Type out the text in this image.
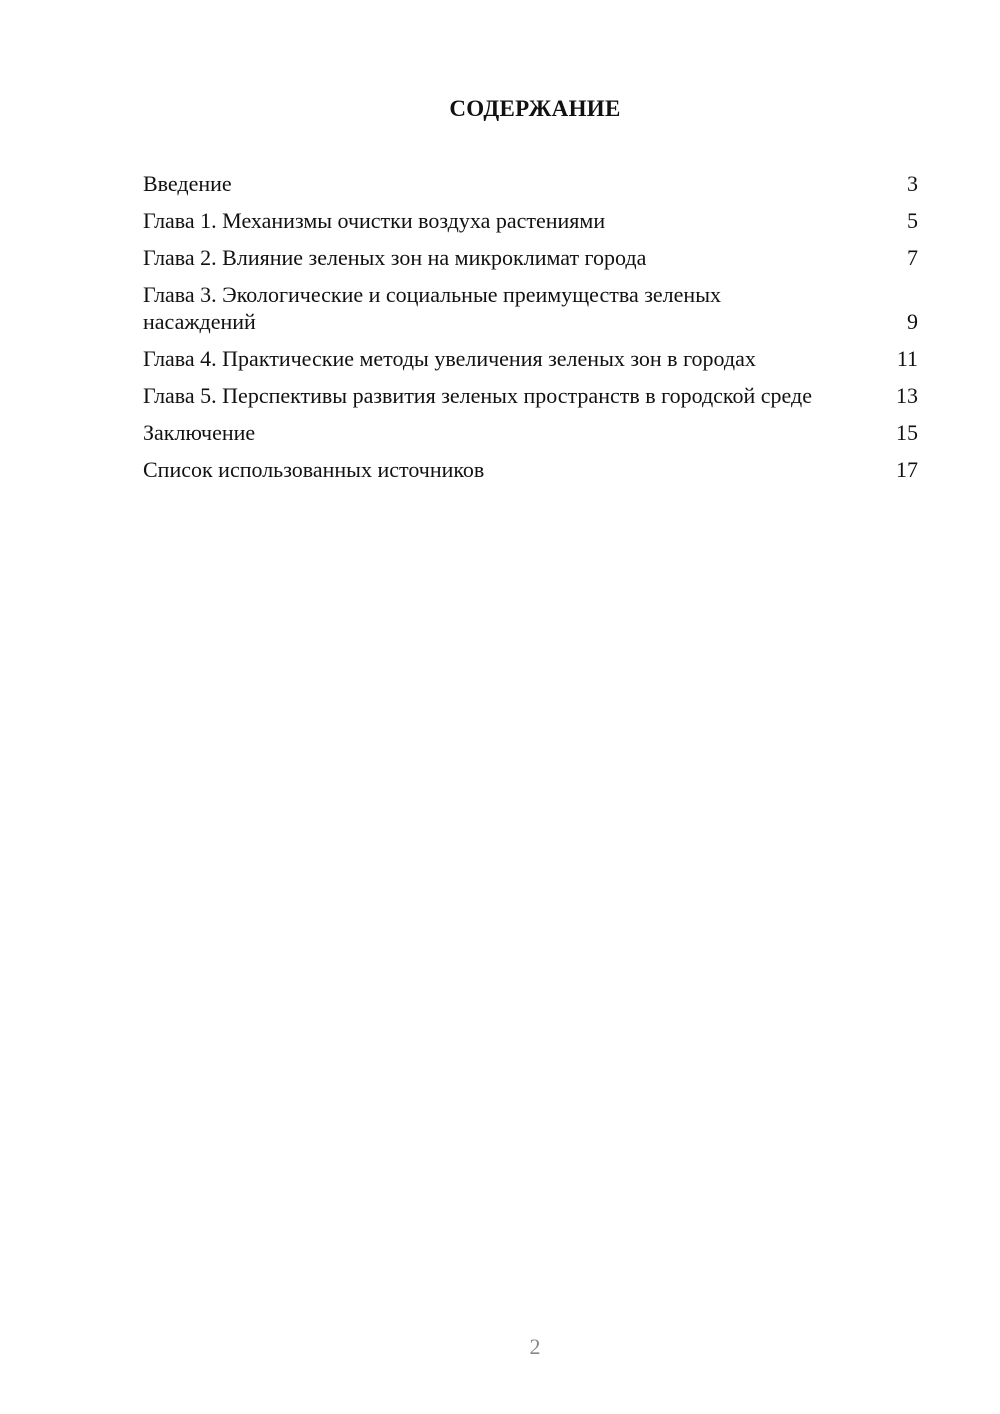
СОДЕРЖАНИЕ
Введение	3
Глава 1. Механизмы очистки воздуха растениями	5
Глава 2. Влияние зеленых зон на микроклимат города	7
Глава 3. Экологические и социальные преимущества зеленых насаждений	9
Глава 4. Практические методы увеличения зеленых зон в городах	11
Глава 5. Перспективы развития зеленых пространств в городской среде	13
Заключение	15
Список использованных источников	17
2
